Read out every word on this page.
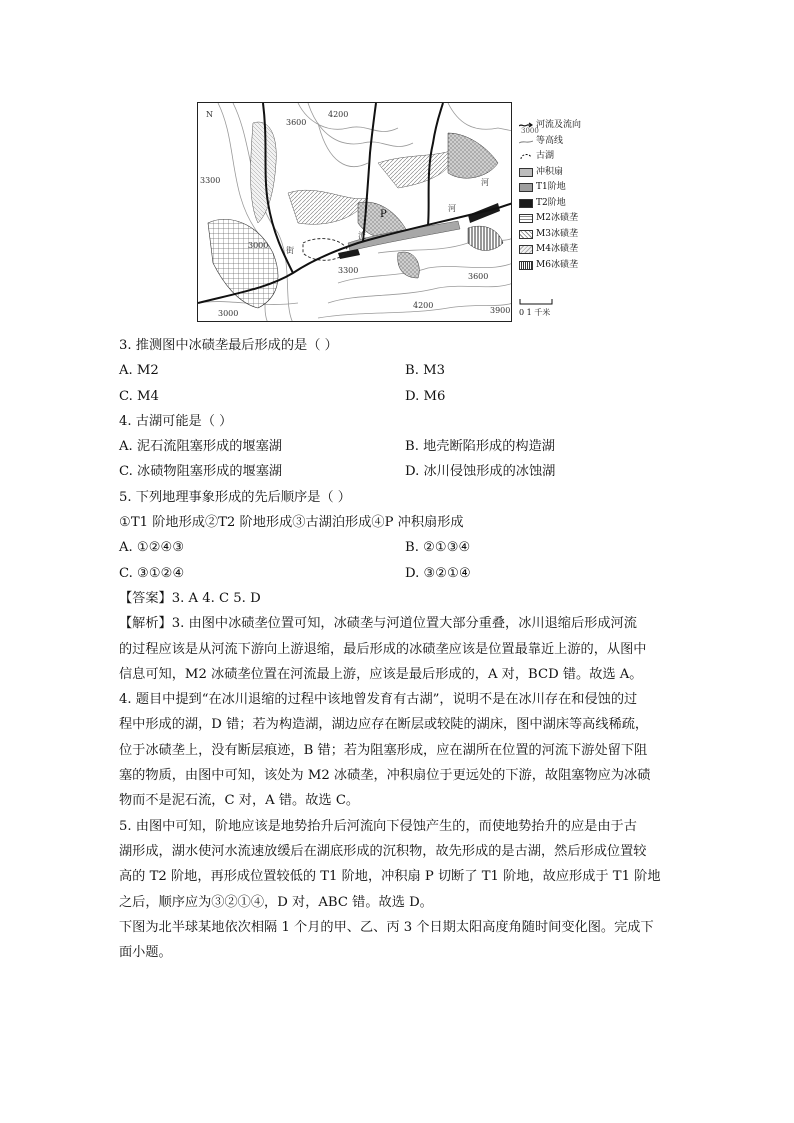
N
3600
4200
3300
3000
3300
3000
3600
4200
3900
P
河
河
流
街
河流及流向
等高线
古湖
冲积扇
T1阶地
T2阶地
M2冰碛垄
M3冰碛垄
M4冰碛垄
M6冰碛垄
3000

0 1 千米
3. 推测图中冰碛垄最后形成的是（ ）
A. M2	B. M3
C. M4	D. M6
4. 古湖可能是（ ）
A. 泥石流阻塞形成的堰塞湖	B. 地壳断陷形成的构造湖
C. 冰碛物阻塞形成的堰塞湖	D. 冰川侵蚀形成的冰蚀湖
5. 下列地理事象形成的先后顺序是（ ）
①T1 阶地形成②T2 阶地形成③古湖泊形成④P 冲积扇形成
A. ①②④③	B. ②①③④
C. ③①②④	D. ③②①④
【答案】3. A 4. C 5. D
【解析】3. 由图中冰碛垄位置可知，冰碛垄与河道位置大部分重叠，冰川退缩后形成河流
的过程应该是从河流下游向上游退缩，最后形成的冰碛垄应该是位置最靠近上游的，从图中
信息可知，M2 冰碛垄位置在河流最上游，应该是最后形成的，A 对，BCD 错。故选 A。
4. 题目中提到“在冰川退缩的过程中该地曾发育有古湖”，说明不是在冰川存在和侵蚀的过
程中形成的湖，D 错；若为构造湖，湖边应存在断层或较陡的湖床，图中湖床等高线稀疏，
位于冰碛垄上，没有断层痕迹，B 错；若为阻塞形成，应在湖所在位置的河流下游处留下阻
塞的物质，由图中可知，该处为 M2 冰碛垄，冲积扇位于更远处的下游，故阻塞物应为冰碛
物而不是泥石流，C 对，A 错。故选 C。
5. 由图中可知，阶地应该是地势抬升后河流向下侵蚀产生的，而使地势抬升的应是由于古
湖形成，湖水使河水流速放缓后在湖底形成的沉积物，故先形成的是古湖，然后形成位置较
高的 T2 阶地，再形成位置较低的 T1 阶地，冲积扇 P 切断了 T1 阶地，故应形成于 T1 阶地
之后，顺序应为③②①④，D 对，ABC 错。故选 D。
下图为北半球某地依次相隔 1 个月的甲、乙、丙 3 个日期太阳高度角随时间变化图。完成下
面小题。
